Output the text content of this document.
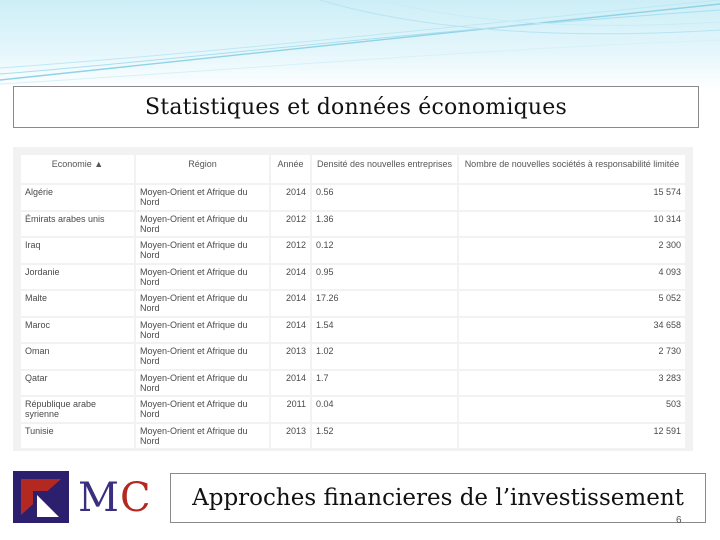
Statistiques et données économiques
Economie ▲	Région	Année	Densité des nouvelles entreprises	Nombre de nouvelles sociétés à responsabilité limitée
Algérie	Moyen-Orient et Afrique du Nord	2014	0.56	15 574
Émirats arabes unis	Moyen-Orient et Afrique du Nord	2012	1.36	10 314
Iraq	Moyen-Orient et Afrique du Nord	2012	0.12	2 300
Jordanie	Moyen-Orient et Afrique du Nord	2014	0.95	4 093
Malte	Moyen-Orient et Afrique du Nord	2014	17.26	5 052
Maroc	Moyen-Orient et Afrique du Nord	2014	1.54	34 658
Oman	Moyen-Orient et Afrique du Nord	2013	1.02	2 730
Qatar	Moyen-Orient et Afrique du Nord	2014	1.7	3 283
République arabe syrienne	Moyen-Orient et Afrique du Nord	2011	0.04	503
Tunisie	Moyen-Orient et Afrique du Nord	2013	1.52	12 591
MC Approches financieres de l’investissement
6
